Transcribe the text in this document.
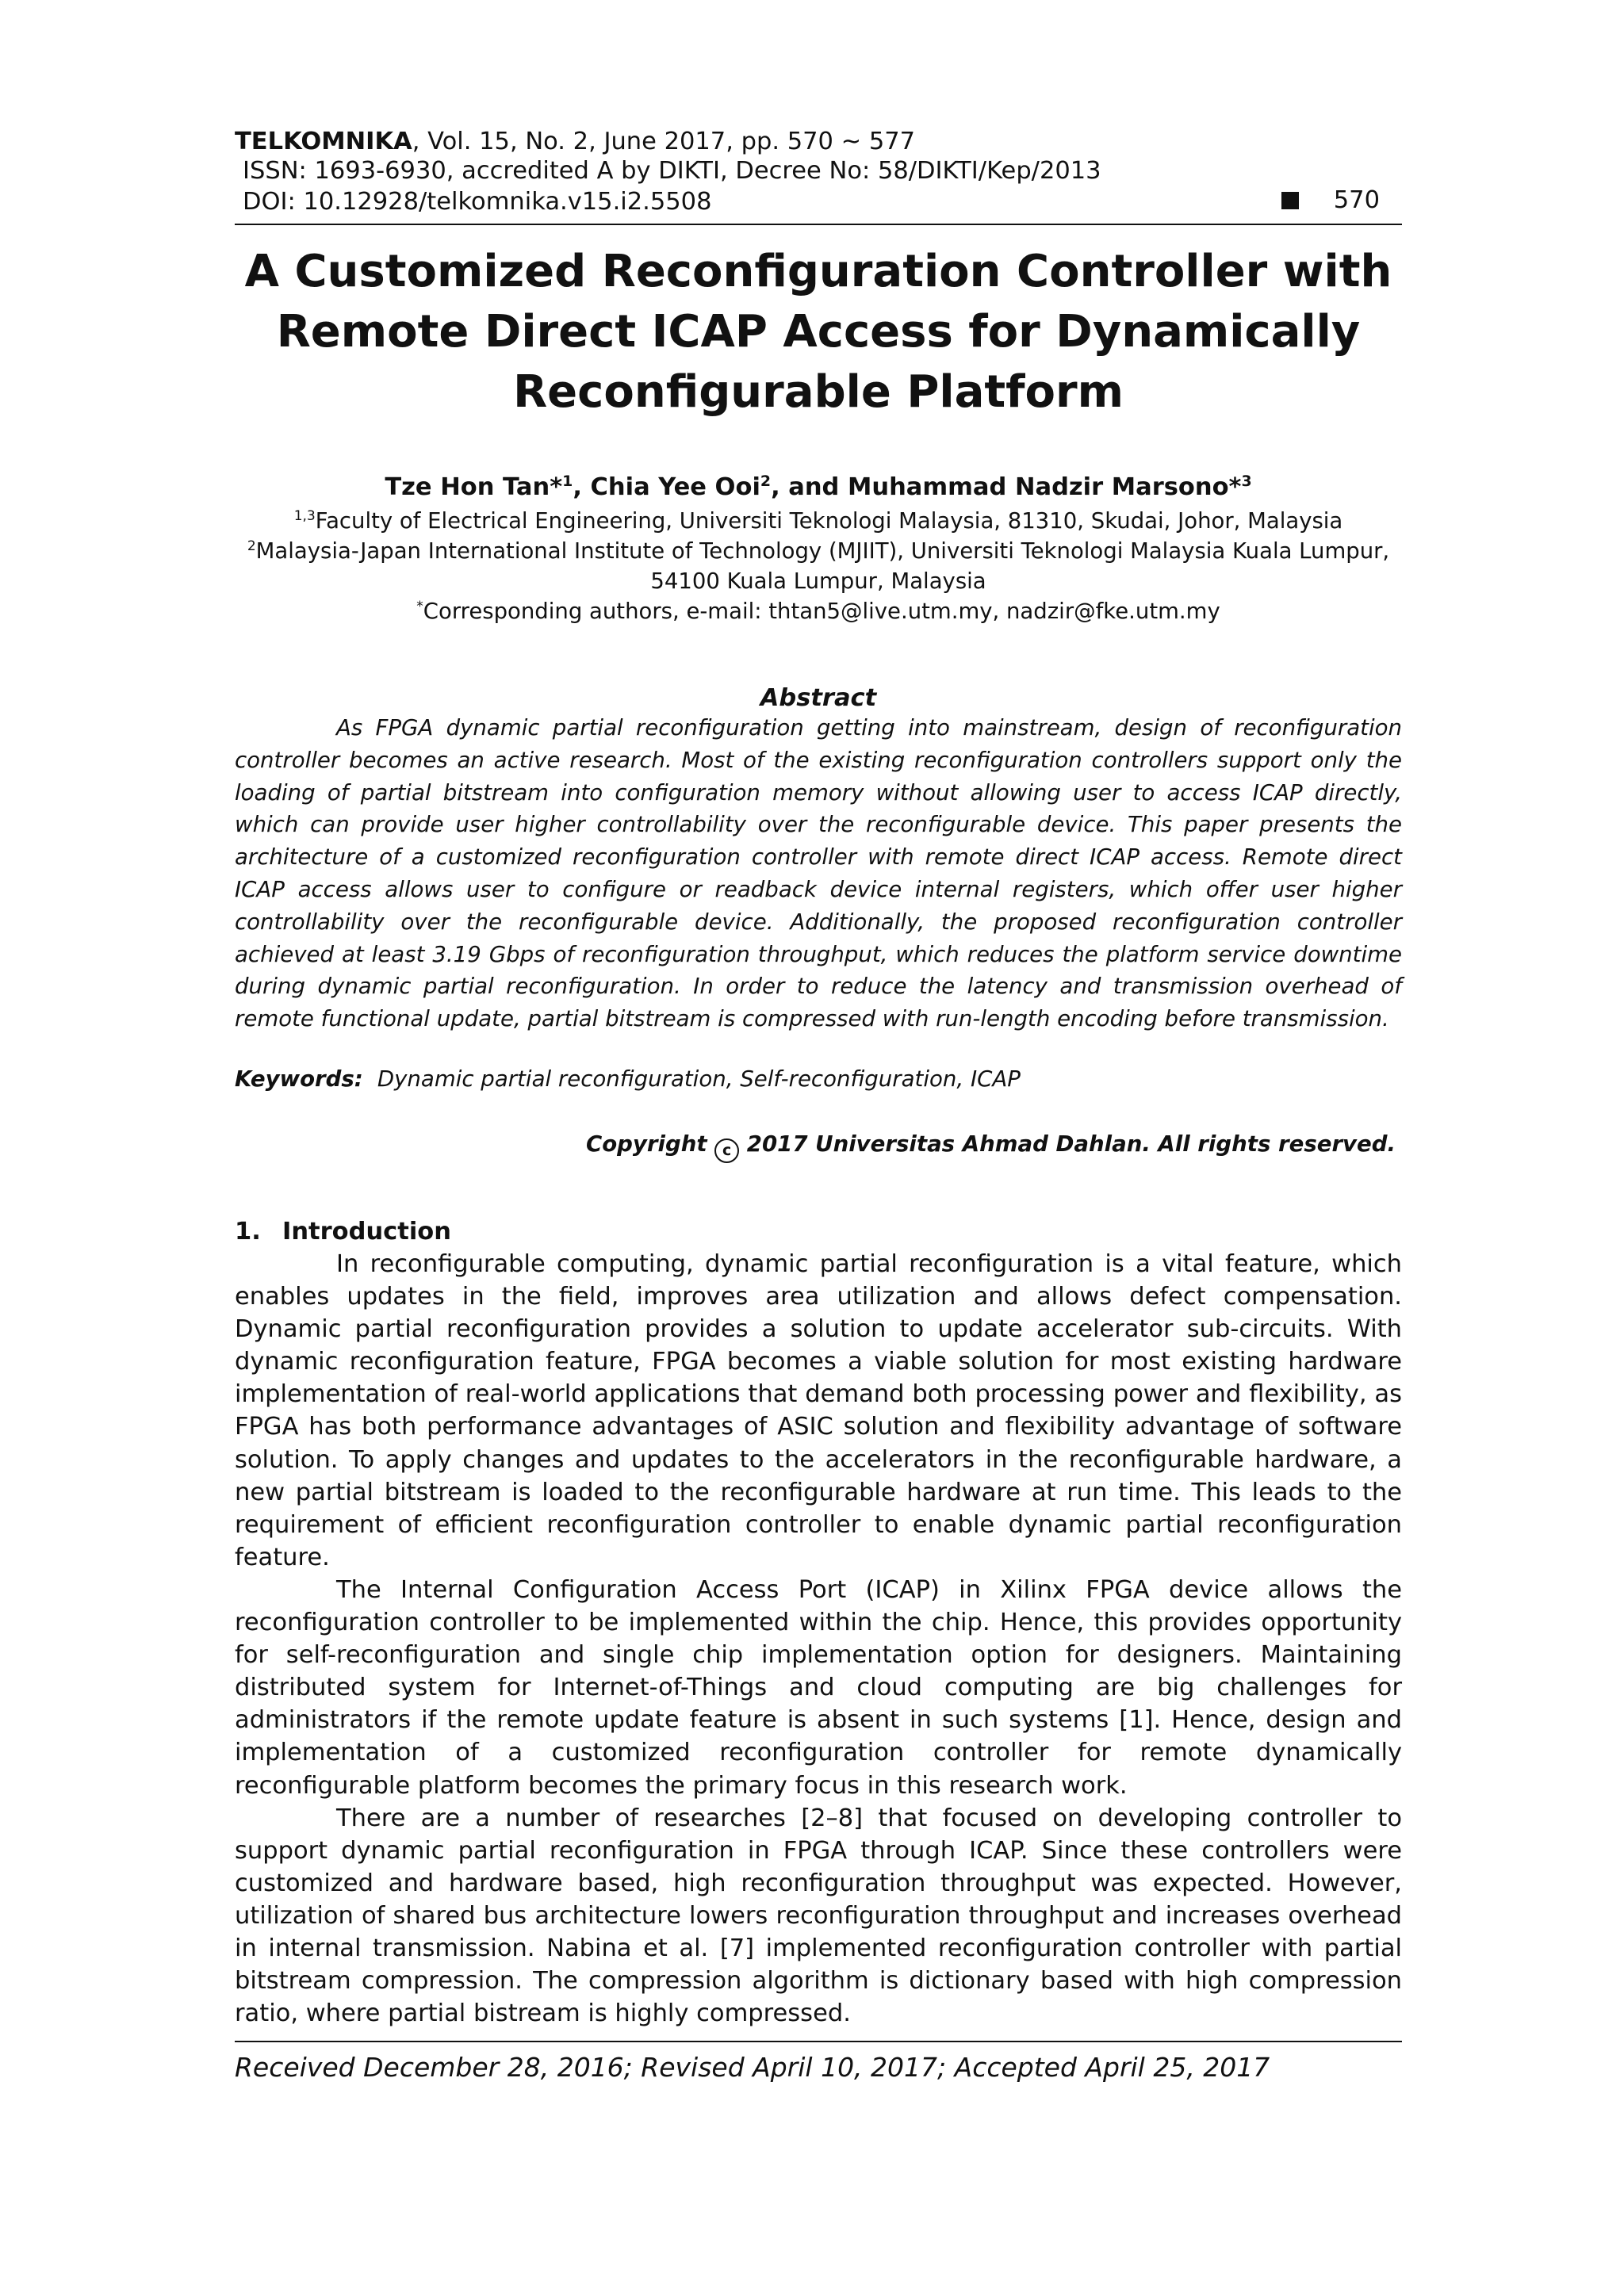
TELKOMNIKA, Vol. 15, No. 2, June 2017, pp. 570 ∼ 577
ISSN: 1693-6930, accredited A by DIKTI, Decree No: 58/DIKTI/Kep/2013
DOI: 10.12928/telkomnika.v15.i2.5508	570
A Customized Reconfiguration Controller with
Remote Direct ICAP Access for Dynamically
Reconfigurable Platform
Tze Hon Tan*$^1$, Chia Yee Ooi$^2$, and Muhammad Nadzir Marsono*$^3$
$^{1,3}$Faculty of Electrical Engineering, Universiti Teknologi Malaysia, 81310, Skudai, Johor, Malaysia
$^2$Malaysia-Japan International Institute of Technology (MJIIT), Universiti Teknologi Malaysia Kuala Lumpur,
54100 Kuala Lumpur, Malaysia
*Corresponding authors, e-mail: thtan5@live.utm.my, nadzir@fke.utm.my
Abstract
As FPGA dynamic partial reconfiguration getting into mainstream, design of reconfiguration controller becomes an active research. Most of the existing reconfiguration controllers support only the loading of partial bitstream into configuration memory without allowing user to access ICAP directly, which can provide user higher controllability over the reconfigurable device. This paper presents the architecture of a customized reconfiguration controller with remote direct ICAP access. Remote direct ICAP access allows user to configure or readback device internal registers, which offer user higher controllability over the reconfigurable device. Additionally, the proposed reconfiguration controller achieved at least 3.19 Gbps of reconfiguration throughput, which reduces the platform service downtime during dynamic partial reconfiguration. In order to reduce the latency and transmission overhead of remote functional update, partial bitstream is compressed with run-length encoding before transmission.
Keywords: Dynamic partial reconfiguration, Self-reconfiguration, ICAP
Copyright c 2017 Universitas Ahmad Dahlan. All rights reserved.
1. Introduction

In reconfigurable computing, dynamic partial reconfiguration is a vital feature, which enables updates in the field, improves area utilization and allows defect compensation. Dynamic partial reconfiguration provides a solution to update accelerator sub-circuits. With dynamic reconfiguration feature, FPGA becomes a viable solution for most existing hardware implementation of real-world applications that demand both processing power and flexibility, as FPGA has both performance advantages of ASIC solution and flexibility advantage of software solution. To apply changes and updates to the accelerators in the reconfigurable hardware, a new partial bitstream is loaded to the reconfigurable hardware at run time. This leads to the requirement of efficient reconfiguration controller to enable dynamic partial reconfiguration feature.

The Internal Configuration Access Port (ICAP) in Xilinx FPGA device allows the reconfiguration controller to be implemented within the chip. Hence, this provides opportunity for self-reconfiguration and single chip implementation option for designers. Maintaining distributed system for Internet-of-Things and cloud computing are big challenges for administrators if the remote update feature is absent in such systems [1]. Hence, design and implementation of a customized reconfiguration controller for remote dynamically reconfigurable platform becomes the primary focus in this research work.

There are a number of researches [2–8] that focused on developing controller to support dynamic partial reconfiguration in FPGA through ICAP. Since these controllers were customized and hardware based, high reconfiguration throughput was expected. However, utilization of shared bus architecture lowers reconfiguration throughput and increases overhead in internal transmission. Nabina et al. [7] implemented reconfiguration controller with partial bitstream compression. The compression algorithm is dictionary based with high compression ratio, where partial bistream is highly compressed.

Received December 28, 2016; Revised April 10, 2017; Accepted April 25, 2017
